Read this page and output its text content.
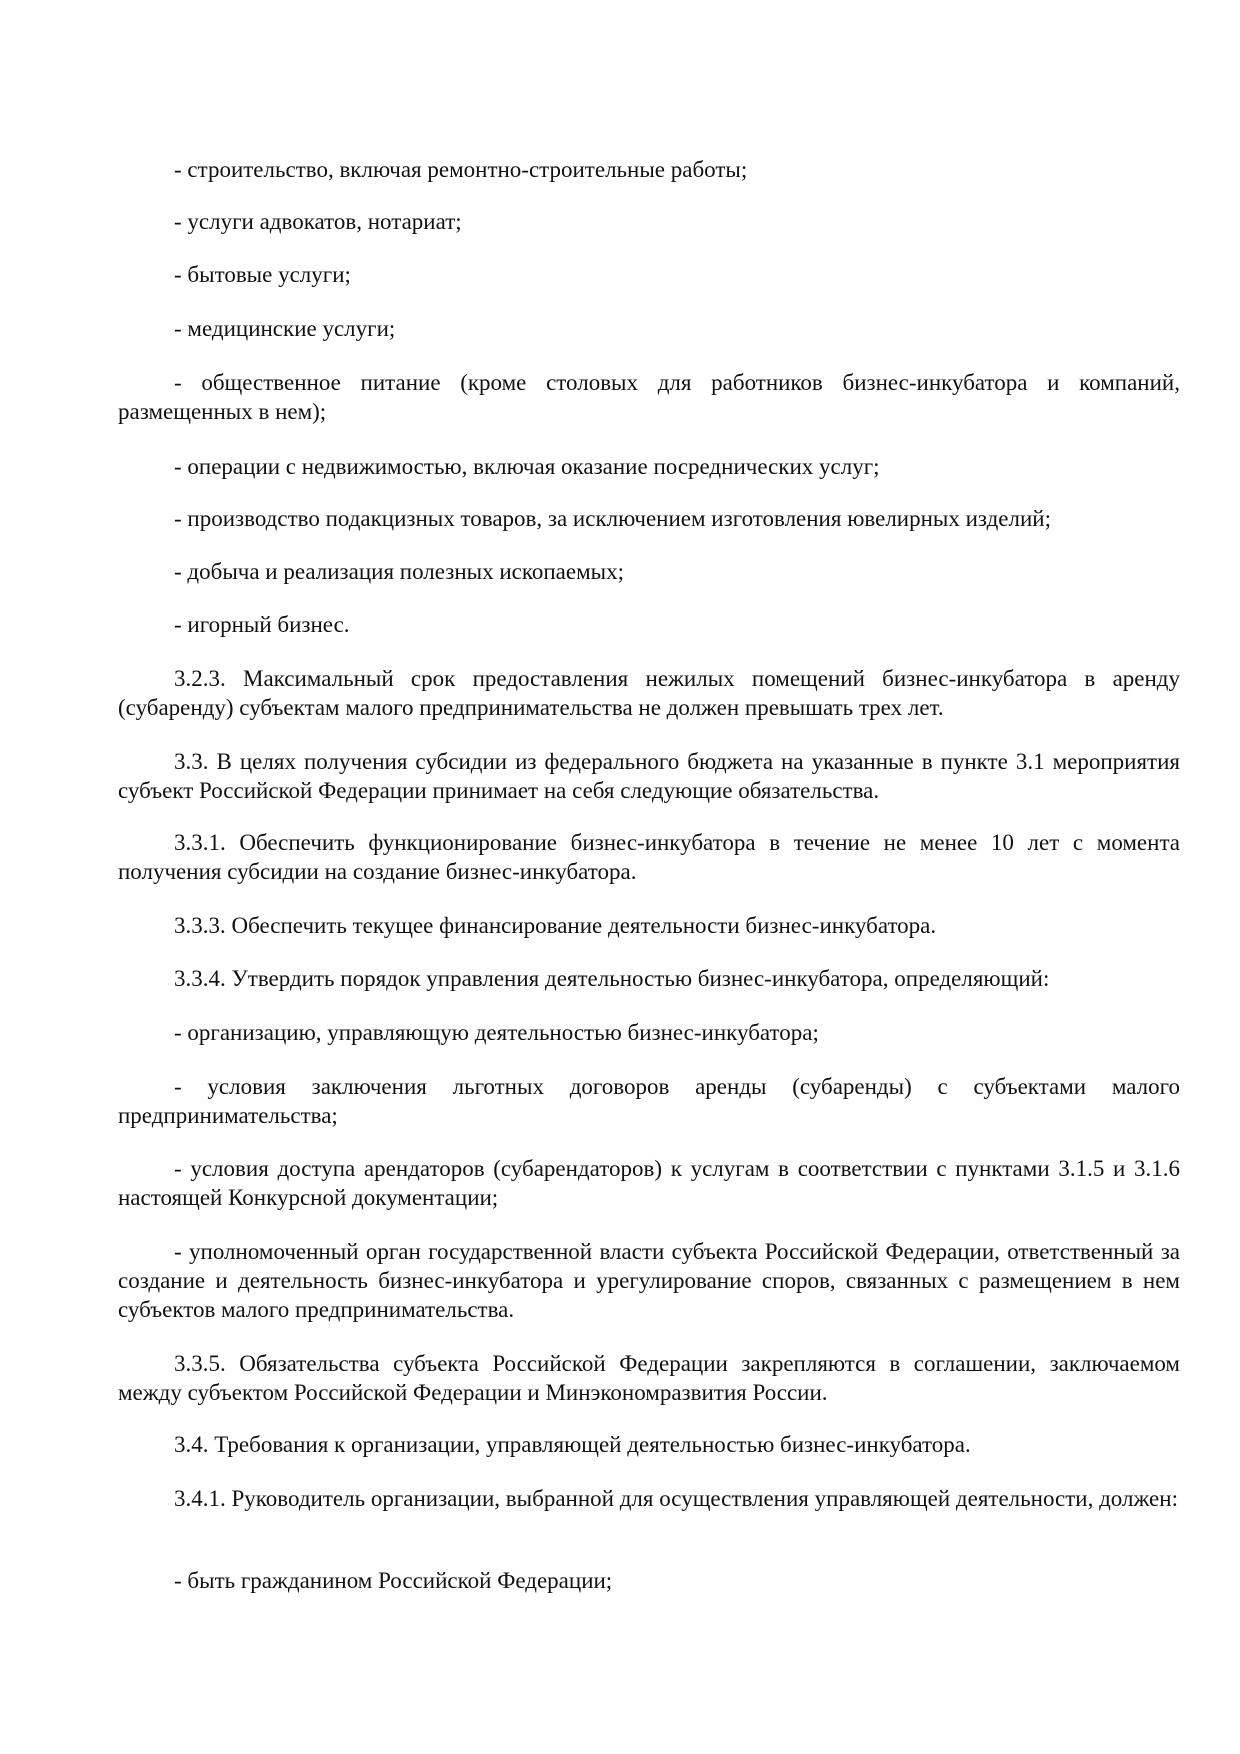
- строительство, включая ремонтно-строительные работы;

- услуги адвокатов, нотариат;

- бытовые услуги;

- медицинские услуги;

- общественное питание (кроме столовых для работников бизнес-инкубатора и компаний, размещенных в нем);

- операции с недвижимостью, включая оказание посреднических услуг;

- производство подакцизных товаров, за исключением изготовления ювелирных изделий;

- добыча и реализация полезных ископаемых;

- игорный бизнес.

3.2.3. Максимальный срок предоставления нежилых помещений бизнес-инкубатора в аренду (субаренду) субъектам малого предпринимательства не должен превышать трех лет.

3.3. В целях получения субсидии из федерального бюджета на указанные в пункте 3.1 мероприятия субъект Российской Федерации принимает на себя следующие обязательства.

3.3.1. Обеспечить функционирование бизнес-инкубатора в течение не менее 10 лет с момента получения субсидии на создание бизнес-инкубатора.

3.3.3. Обеспечить текущее финансирование деятельности бизнес-инкубатора.

3.3.4. Утвердить порядок управления деятельностью бизнес-инкубатора, определяющий:

- организацию, управляющую деятельностью бизнес-инкубатора;

- условия заключения льготных договоров аренды (субаренды) с субъектами малого предпринимательства;

- условия доступа арендаторов (субарендаторов) к услугам в соответствии с пунктами 3.1.5 и 3.1.6 настоящей Конкурсной документации;

- уполномоченный орган государственной власти субъекта Российской Федерации, ответственный за создание и деятельность бизнес-инкубатора и урегулирование споров, связанных с размещением в нем субъектов малого предпринимательства.

3.3.5. Обязательства субъекта Российской Федерации закрепляются в соглашении, заключаемом между субъектом Российской Федерации и Минэкономразвития России.

3.4. Требования к организации, управляющей деятельностью бизнес-инкубатора.

3.4.1. Руководитель организации, выбранной для осуществления управляющей деятельности, должен:

- быть гражданином Российской Федерации;
